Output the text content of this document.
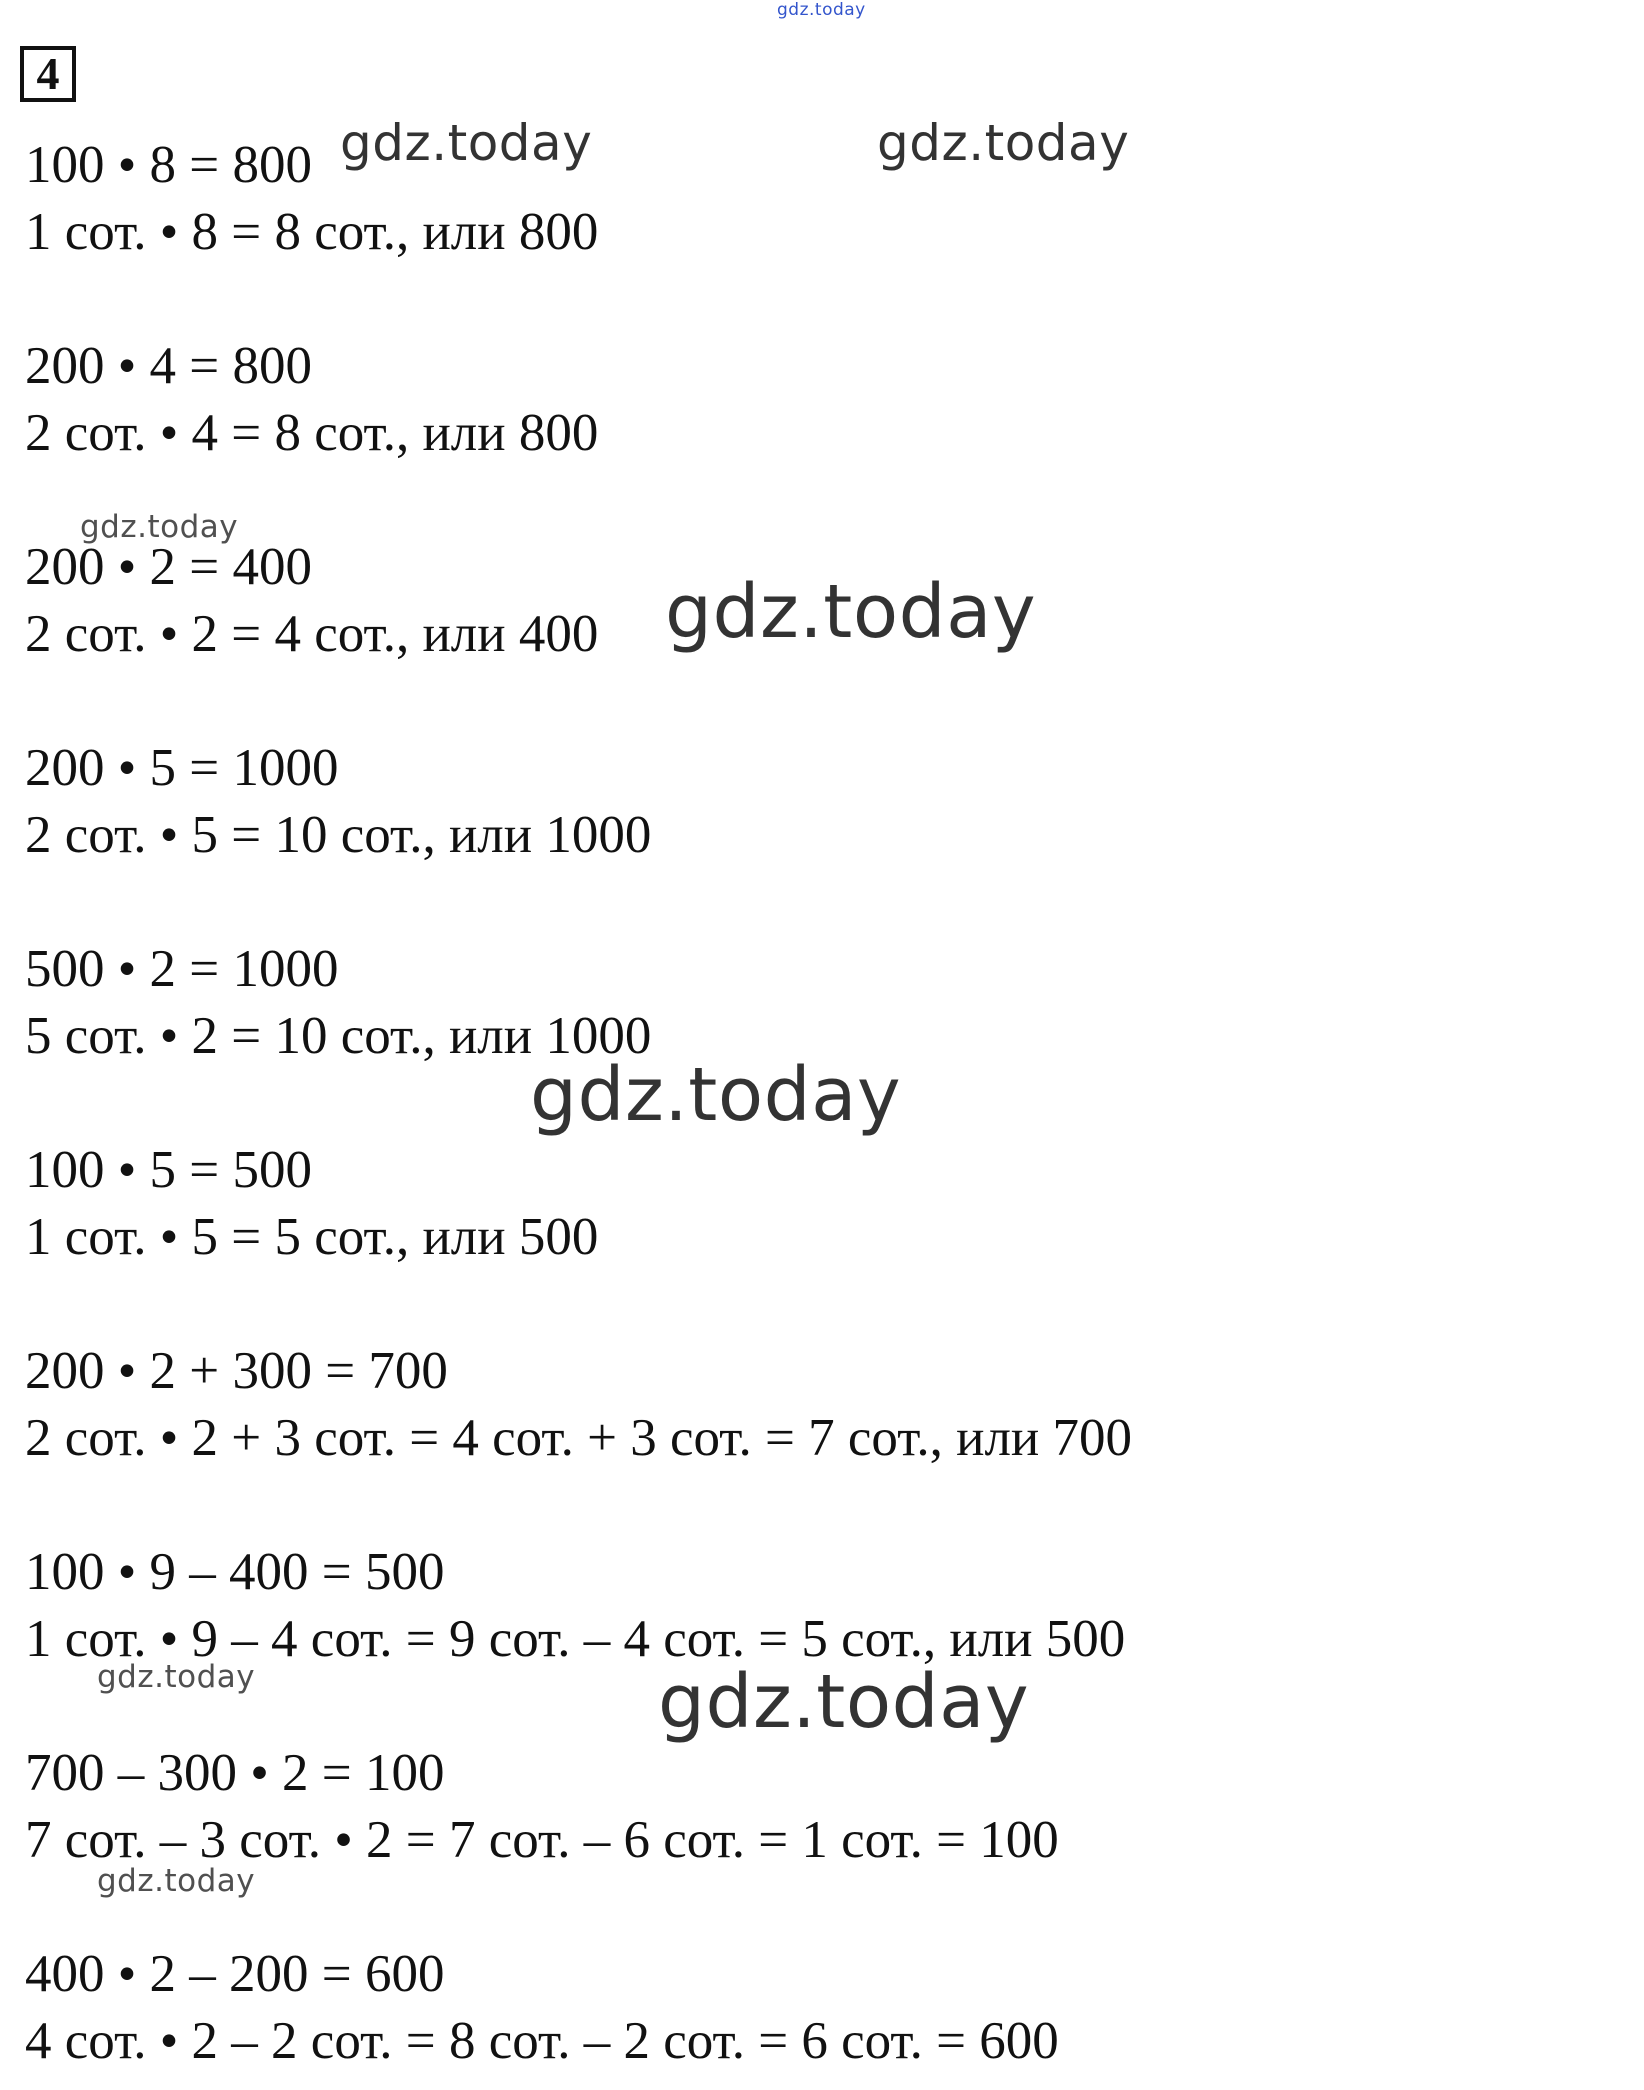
4
100 • 8 = 800
1 сот. • 8 = 8 сот., или 800
200 • 4 = 800
2 сот. • 4 = 8 сот., или 800
200 • 2 = 400
2 сот. • 2 = 4 сот., или 400
200 • 5 = 1000
2 сот. • 5 = 10 сот., или 1000
500 • 2 = 1000
5 сот. • 2 = 10 сот., или 1000
100 • 5 = 500
1 сот. • 5 = 5 сот., или 500
200 • 2 + 300 = 700
2 сот. • 2 + 3 сот. = 4 сот. + 3 сот. = 7 сот., или 700
100 • 9 – 400 = 500
1 сот. • 9 – 4 сот. = 9 сот. – 4 сот. = 5 сот., или 500
700 – 300 • 2 = 100
7 сот. – 3 сот. • 2 = 7 сот. – 6 сот. = 1 сот. = 100
400 • 2 – 200 = 600
4 сот. • 2 – 2 сот. = 8 сот. – 2 сот. = 6 сот. = 600
gdz.today
gdz.today	gdz.today
gdz.today
gdz.today
gdz.today
gdz.today	gdz.today
gdz.today
